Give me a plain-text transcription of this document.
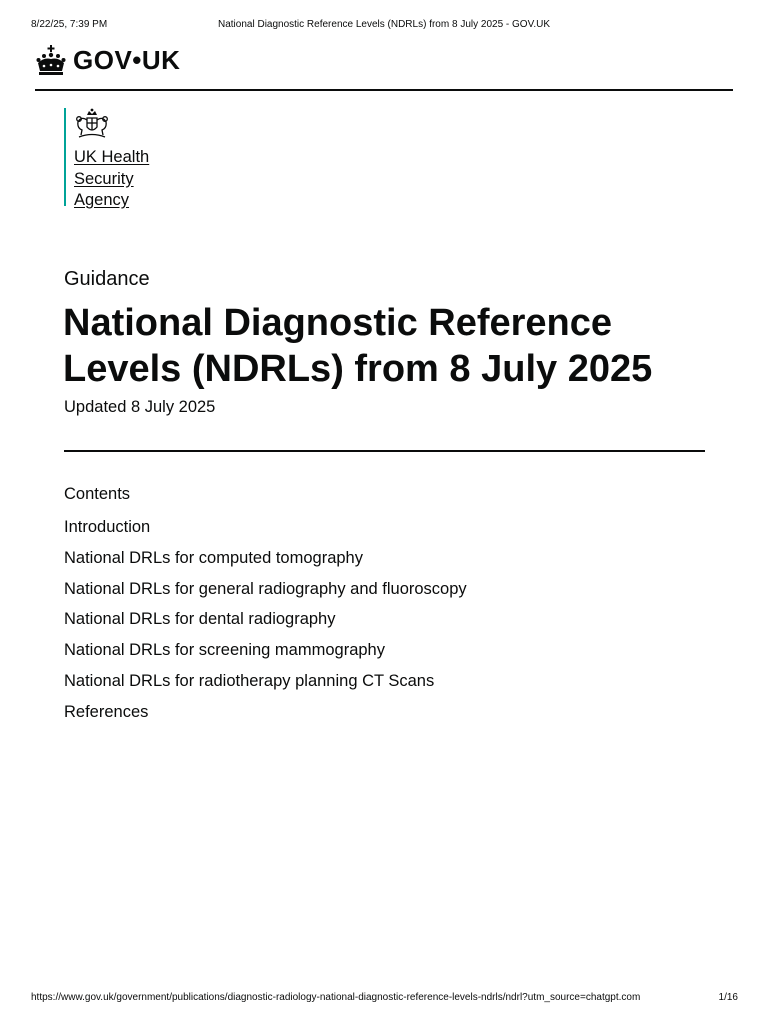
8/22/25, 7:39 PM	National Diagnostic Reference Levels (NDRLs) from 8 July 2025 - GOV.UK
GOV•UK
UK Health
Security
Agency
Guidance
National Diagnostic Reference Levels (NDRLs) from 8 July 2025
Updated 8 July 2025
Contents
Introduction
National DRLs for computed tomography
National DRLs for general radiography and fluoroscopy
National DRLs for dental radiography
National DRLs for screening mammography
National DRLs for radiotherapy planning CT Scans
References
https://www.gov.uk/government/publications/diagnostic-radiology-national-diagnostic-reference-levels-ndrls/ndrl?utm_source=chatgpt.com	1/16
